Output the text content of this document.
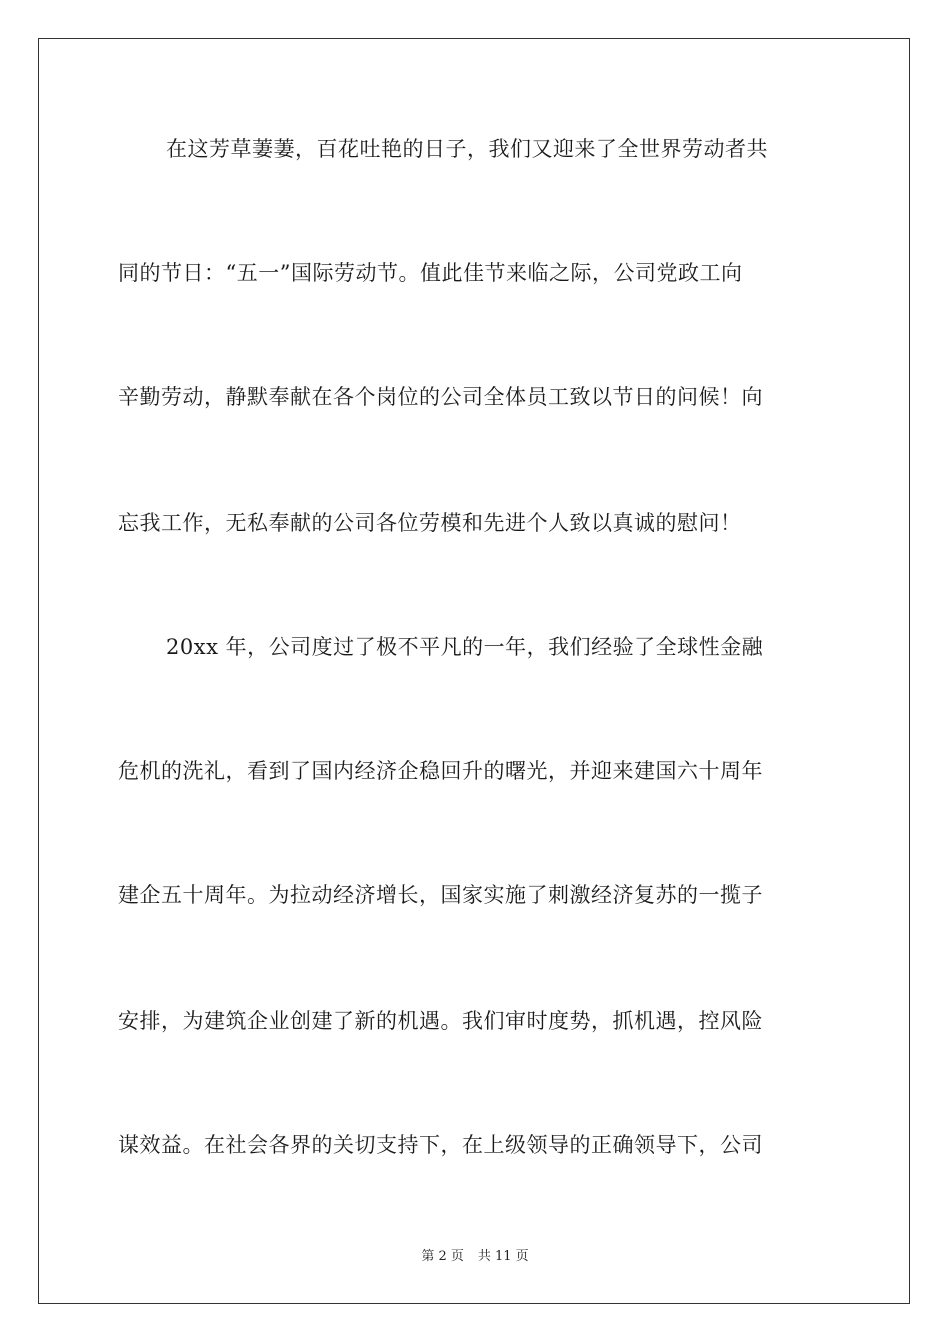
在这芳草萋萋，百花吐艳的日子，我们又迎来了全世界劳动者共
同的节日：“五一”国际劳动节。值此佳节来临之际，公司党政工向
辛勤劳动，静默奉献在各个岗位的公司全体员工致以节日的问候！向
忘我工作，无私奉献的公司各位劳模和先进个人致以真诚的慰问！
20xx 年，公司度过了极不平凡的一年，我们经验了全球性金融
危机的洗礼，看到了国内经济企稳回升的曙光，并迎来建国六十周年
建企五十周年。为拉动经济增长，国家实施了刺激经济复苏的一揽子
安排，为建筑企业创建了新的机遇。我们审时度势，抓机遇，控风险
谋效益。在社会各界的关切支持下，在上级领导的正确领导下，公司
第 2 页 共 11 页
